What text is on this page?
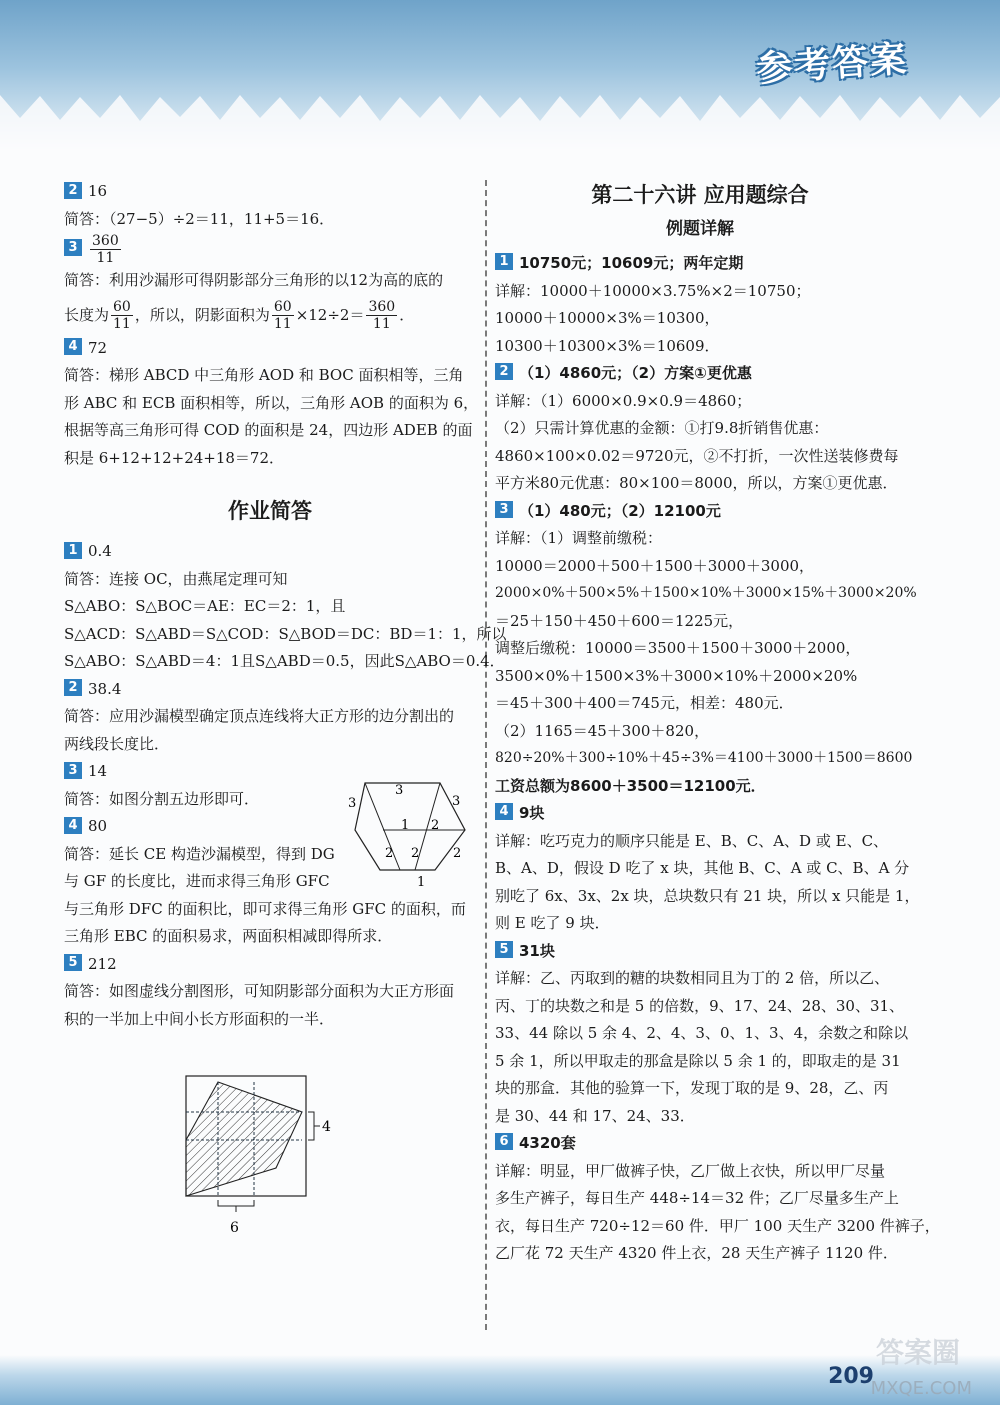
参考答案
2 16
简答：（27−5）÷2＝11，11+5＝16．
$3 \frac{360}{11}$
简答：利用沙漏形可得阴影部分三角形的以12为高的底的
长度为 $\frac{60}{11}$ ，所以，阴影面积为 $\frac{60}{11} \times 12\div 2= \frac{360}{11}$ ．
4 72
简答：梯形 ABCD 中三角形 AOD 和 BOC 面积相等，三角
形 ABC 和 ECB 面积相等，所以，三角形 AOB 的面积为 6，
根据等高三角形可得 COD 的面积是 24，四边形 ADEB 的面
积是 6+12+12+24+18＝72．
作业简答
1 0.4
简答：连接 OC，由燕尾定理可知
S△ABO：S△BOC＝AE：EC＝2：1，且
S△ACD：S△ABD＝S△COD：S△BOD＝DC：BD＝1：1，所以
S△ABO：S△ABD＝4：1且S△ABD＝0.5，因此S△ABO＝0.4．
2 38.4
简答：应用沙漏模型确定顶点连线将大正方形的边分割出的
两线段长度比．
3 14
简答：如图分割五边形即可．
4 80
简答：延长 CE 构造沙漏模型，得到 DG
与 GF 的长度比，进而求得三角形 GFC
与三角形 DFC 的面积比，即可求得三角形 GFC 的面积，而
三角形 EBC 的面积易求，两面积相减即得所求．
5 212
简答：如图虚线分割图形，可知阴影部分面积为大正方形面
积的一半加上中间小长方形面积的一半．
3
3
3
1 2
2 2	2
1
4
6
第二十六讲 应用题综合
例题详解
1 10750元；10609元；两年定期
详解：10000＋10000×3.75%×2＝10750；
10000＋10000×3%＝10300，
10300＋10300×3%＝10609．
2 （1）4860元；（2）方案①更优惠
详解：（1）6000×0.9×0.9＝4860；
（2）只需计算优惠的金额：①打9.8折销售优惠：
4860×100×0.02＝9720元，②不打折，一次性送装修费每
平方米80元优惠：80×100＝8000，所以，方案①更优惠．
3 （1）480元；（2）12100元
详解：（1）调整前缴税：
10000＝2000＋500＋1500＋3000＋3000，
2000×0%＋500×5%＋1500×10%＋3000×15%＋3000×20%
＝25＋150＋450＋600＝1225元，
调整后缴税：10000＝3500＋1500＋3000＋2000，
3500×0%＋1500×3%＋3000×10%＋2000×20%
＝45＋300＋400＝745元，相差：480元．
（2）1165＝45＋300＋820，
820÷20%＋300÷10%＋45÷3%＝4100＋3000＋1500＝8600
工资总额为8600＋3500＝12100元．
4 9块
详解：吃巧克力的顺序只能是 E、B、C、A、D 或 E、C、
B、A、D，假设 D 吃了 x 块，其他 B、C、A 或 C、B、A 分
别吃了 6x、3x、2x 块，总块数只有 21 块，所以 x 只能是 1，
则 E 吃了 9 块．
5 31块
详解：乙、丙取到的糖的块数相同且为丁的 2 倍，所以乙、
丙、丁的块数之和是 5 的倍数，9、17、24、28、30、31、
33、44 除以 5 余 4、2、4、3、0、1、3、4，余数之和除以
5 余 1，所以甲取走的那盒是除以 5 余 1 的，即取走的是 31
块的那盒．其他的验算一下，发现丁取的是 9、28，乙、丙
是 30、44 和 17、24、33．
6 4320套
详解：明显，甲厂做裤子快，乙厂做上衣快，所以甲厂尽量
多生产裤子，每日生产 448÷14＝32 件；乙厂尽量多生产上
衣，每日生产 720÷12＝60 件．甲厂 100 天生产 3200 件裤子，
乙厂花 72 天生产 4320 件上衣，28 天生产裤子 1120 件．
答案圈
209
MXQE.COM
